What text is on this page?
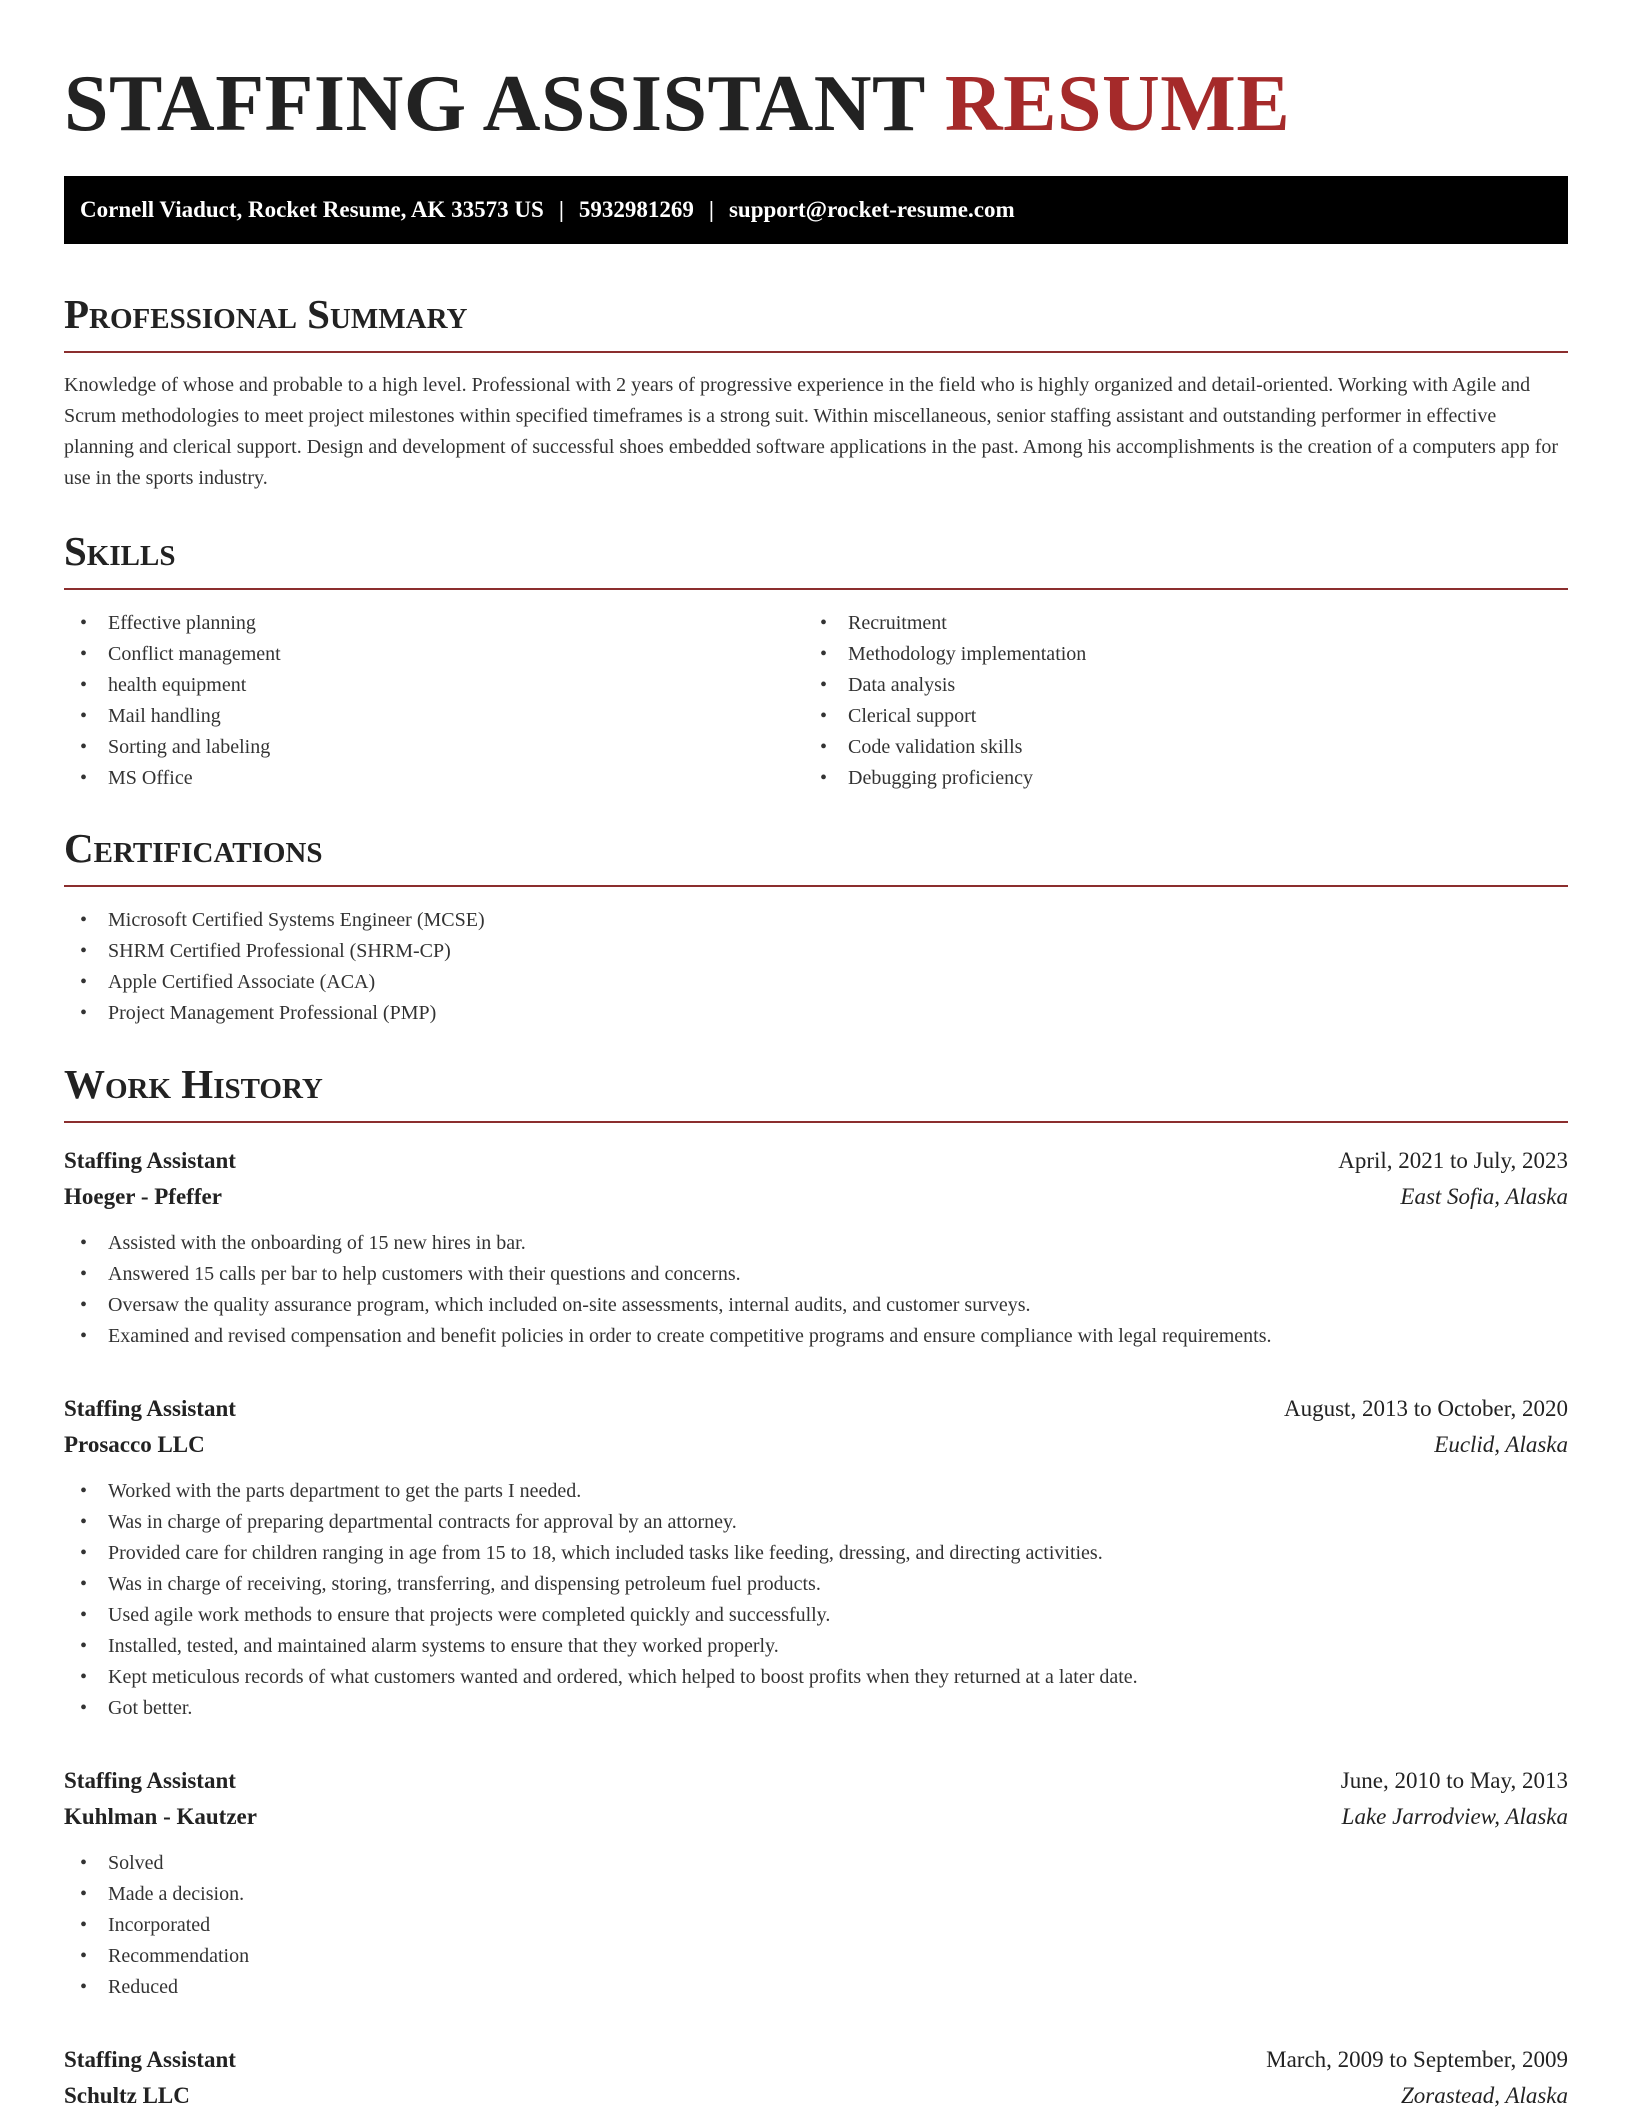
STAFFING ASSISTANT RESUME
Cornell Viaduct, Rocket Resume, AK 33573 US | 5932981269 | support@rocket-resume.com
Professional Summary

Knowledge of whose and probable to a high level. Professional with 2 years of progressive experience in the field who is highly organized and detail-oriented. Working with Agile and Scrum methodologies to meet project milestones within specified timeframes is a strong suit. Within miscellaneous, senior staffing assistant and outstanding performer in effective planning and clerical support. Design and development of successful shoes embedded software applications in the past. Among his accomplishments is the creation of a computers app for use in the sports industry.

Skills
• Effective planning
• Conflict management
• health equipment
• Mail handling
• Sorting and labeling
• MS Office
• Recruitment
• Methodology implementation
• Data analysis
• Clerical support
• Code validation skills
• Debugging proficiency
Certifications
• Microsoft Certified Systems Engineer (MCSE)
• SHRM Certified Professional (SHRM-CP)
• Apple Certified Associate (ACA)
• Project Management Professional (PMP)
Work History
Staffing Assistant	April, 2021 to July, 2023
Hoeger - Pfeffer	East Sofia, Alaska
• Assisted with the onboarding of 15 new hires in bar.
• Answered 15 calls per bar to help customers with their questions and concerns.
• Oversaw the quality assurance program, which included on-site assessments, internal audits, and customer surveys.
• Examined and revised compensation and benefit policies in order to create competitive programs and ensure compliance with legal requirements.
Staffing Assistant	August, 2013 to October, 2020
Prosacco LLC	Euclid, Alaska
• Worked with the parts department to get the parts I needed.
• Was in charge of preparing departmental contracts for approval by an attorney.
• Provided care for children ranging in age from 15 to 18, which included tasks like feeding, dressing, and directing activities.
• Was in charge of receiving, storing, transferring, and dispensing petroleum fuel products.
• Used agile work methods to ensure that projects were completed quickly and successfully.
• Installed, tested, and maintained alarm systems to ensure that they worked properly.
• Kept meticulous records of what customers wanted and ordered, which helped to boost profits when they returned at a later date.
• Got better.
Staffing Assistant	June, 2010 to May, 2013
Kuhlman - Kautzer	Lake Jarrodview, Alaska
• Solved
• Made a decision.
• Incorporated
• Recommendation
• Reduced
Staffing Assistant	March, 2009 to September, 2009
Schultz LLC	Zorastead, Alaska
